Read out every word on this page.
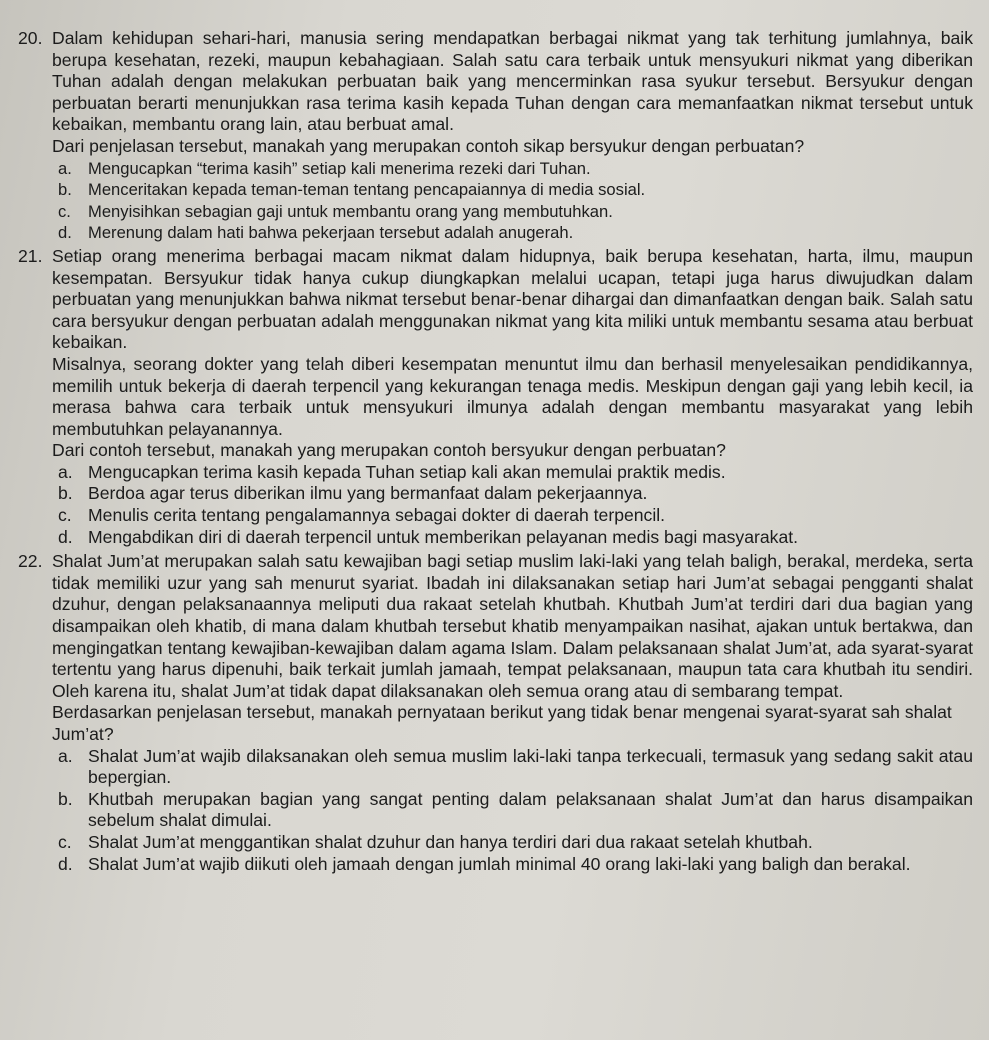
20. Dalam kehidupan sehari-hari, manusia sering mendapatkan berbagai nikmat yang tak terhitung jumlahnya, baik berupa kesehatan, rezeki, maupun kebahagiaan. Salah satu cara terbaik untuk mensyukuri nikmat yang diberikan Tuhan adalah dengan melakukan perbuatan baik yang mencerminkan rasa syukur tersebut. Bersyukur dengan perbuatan berarti menunjukkan rasa terima kasih kepada Tuhan dengan cara memanfaatkan nikmat tersebut untuk kebaikan, membantu orang lain, atau berbuat amal.

Dari penjelasan tersebut, manakah yang merupakan contoh sikap bersyukur dengan perbuatan?

a. Mengucapkan “terima kasih” setiap kali menerima rezeki dari Tuhan.
b. Menceritakan kepada teman-teman tentang pencapaiannya di media sosial.
c.	Menyisihkan sebagian gaji untuk membantu orang yang membutuhkan.
d. Merenung dalam hati bahwa pekerjaan tersebut adalah anugerah.
21. Setiap orang menerima berbagai macam nikmat dalam hidupnya, baik berupa kesehatan, harta, ilmu, maupun kesempatan. Bersyukur tidak hanya cukup diungkapkan melalui ucapan, tetapi juga harus diwujudkan dalam perbuatan yang menunjukkan bahwa nikmat tersebut benar-benar dihargai dan dimanfaatkan dengan baik. Salah satu cara bersyukur dengan perbuatan adalah menggunakan nikmat yang kita miliki untuk membantu sesama atau berbuat kebaikan.

Misalnya, seorang dokter yang telah diberi kesempatan menuntut ilmu dan berhasil menyelesaikan pendidikannya, memilih untuk bekerja di daerah terpencil yang kekurangan tenaga medis. Meskipun dengan gaji yang lebih kecil, ia merasa bahwa cara terbaik untuk mensyukuri ilmunya adalah dengan membantu masyarakat yang lebih membutuhkan pelayanannya.

Dari contoh tersebut, manakah yang merupakan contoh bersyukur dengan perbuatan?

a. Mengucapkan terima kasih kepada Tuhan setiap kali akan memulai praktik medis.
b. Berdoa agar terus diberikan ilmu yang bermanfaat dalam pekerjaannya.
c. Menulis cerita tentang pengalamannya sebagai dokter di daerah terpencil.
d. Mengabdikan diri di daerah terpencil untuk memberikan pelayanan medis bagi masyarakat.
22. Shalat Jum’at merupakan salah satu kewajiban bagi setiap muslim laki-laki yang telah baligh, berakal, merdeka, serta tidak memiliki uzur yang sah menurut syariat. Ibadah ini dilaksanakan setiap hari Jum’at sebagai pengganti shalat dzuhur, dengan pelaksanaannya meliputi dua rakaat setelah khutbah. Khutbah Jum’at terdiri dari dua bagian yang disampaikan oleh khatib, di mana dalam khutbah tersebut khatib menyampaikan nasihat, ajakan untuk bertakwa, dan mengingatkan tentang kewajiban-kewajiban dalam agama Islam. Dalam pelaksanaan shalat Jum’at, ada syarat-syarat tertentu yang harus dipenuhi, baik terkait jumlah jamaah, tempat pelaksanaan, maupun tata cara khutbah itu sendiri. Oleh karena itu, shalat Jum’at tidak dapat dilaksanakan oleh semua orang atau di sembarang tempat.

Berdasarkan penjelasan tersebut, manakah pernyataan berikut yang tidak benar mengenai syarat-syarat sah shalat Jum’at?

a. Shalat Jum’at wajib dilaksanakan oleh semua muslim laki-laki tanpa terkecuali, termasuk yang sedang sakit atau bepergian.
b. Khutbah merupakan bagian yang sangat penting dalam pelaksanaan shalat Jum’at dan harus disampaikan sebelum shalat dimulai.
c. Shalat Jum’at menggantikan shalat dzuhur dan hanya terdiri dari dua rakaat setelah khutbah.
d. Shalat Jum’at wajib diikuti oleh jamaah dengan jumlah minimal 40 orang laki-laki yang baligh dan berakal.
